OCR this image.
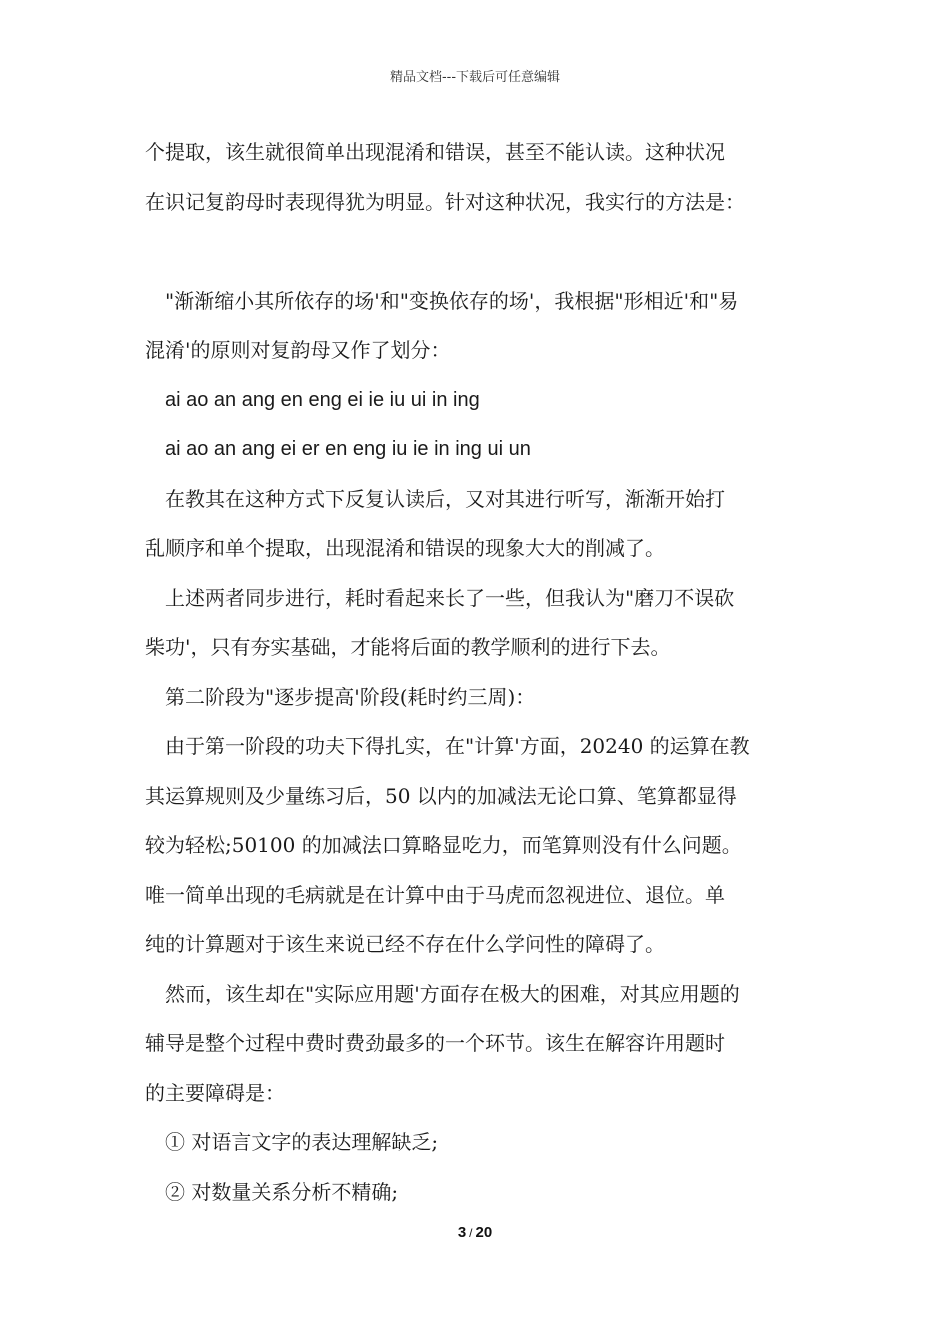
精品文档---下载后可任意编辑
个提取，该生就很简单出现混淆和错误，甚至不能认读。这种状况
在识记复韵母时表现得犹为明显。针对这种状况，我实行的方法是：
"渐渐缩小其所依存的场'和"变换依存的场'，我根据"形相近'和"易
混淆'的原则对复韵母又作了划分：
ai ao an ang en eng ei ie iu ui in ing
ai ao an ang ei er en eng iu ie in ing ui un
在教其在这种方式下反复认读后，又对其进行听写，渐渐开始打
乱顺序和单个提取，出现混淆和错误的现象大大的削减了。
上述两者同步进行，耗时看起来长了一些，但我认为"磨刀不误砍
柴功'，只有夯实基础，才能将后面的教学顺利的进行下去。
第二阶段为"逐步提高'阶段(耗时约三周)：
由于第一阶段的功夫下得扎实，在"计算'方面，20240 的运算在教
其运算规则及少量练习后，50 以内的加减法无论口算、笔算都显得
较为轻松;50100 的加减法口算略显吃力，而笔算则没有什么问题。
唯一简单出现的毛病就是在计算中由于马虎而忽视进位、退位。单
纯的计算题对于该生来说已经不存在什么学问性的障碍了。
然而，该生却在"实际应用题'方面存在极大的困难，对其应用题的
辅导是整个过程中费时费劲最多的一个环节。该生在解容许用题时
的主要障碍是：
① 对语言文字的表达理解缺乏;
② 对数量关系分析不精确;
3 / 20
